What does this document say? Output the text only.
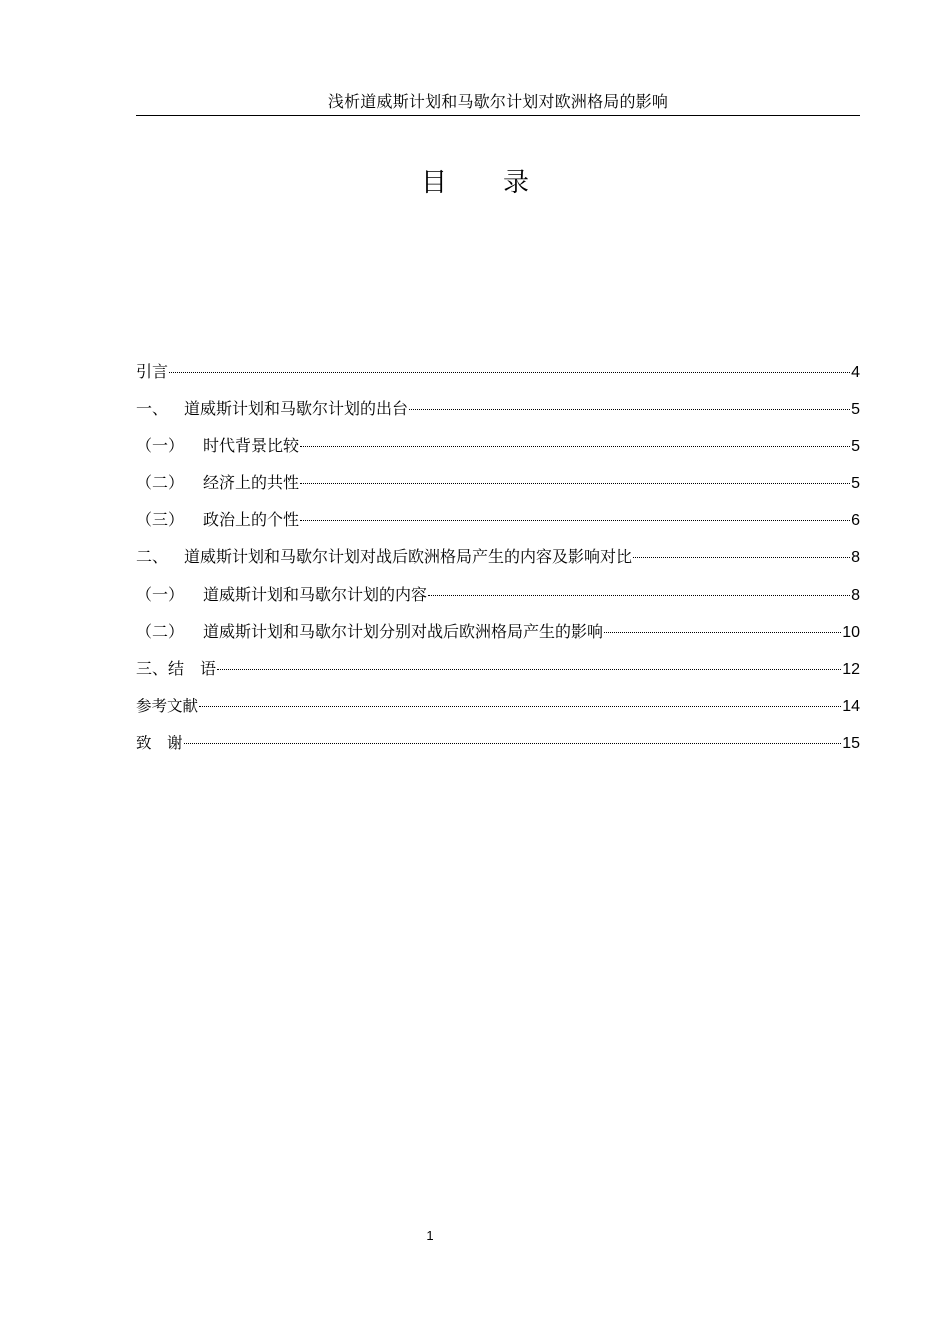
浅析道威斯计划和马歇尔计划对欧洲格局的影响
目 录
引言	4
一、 道威斯计划和马歇尔计划的出台	5
（一） 时代背景比较	5
（二） 经济上的共性	5
（三） 政治上的个性	6
二、 道威斯计划和马歇尔计划对战后欧洲格局产生的内容及影响对比	8
（一） 道威斯计划和马歇尔计划的内容	8
（二） 道威斯计划和马歇尔计划分别对战后欧洲格局产生的影响	10
三、结　语	12
参考文献	14
致　谢	15
1
